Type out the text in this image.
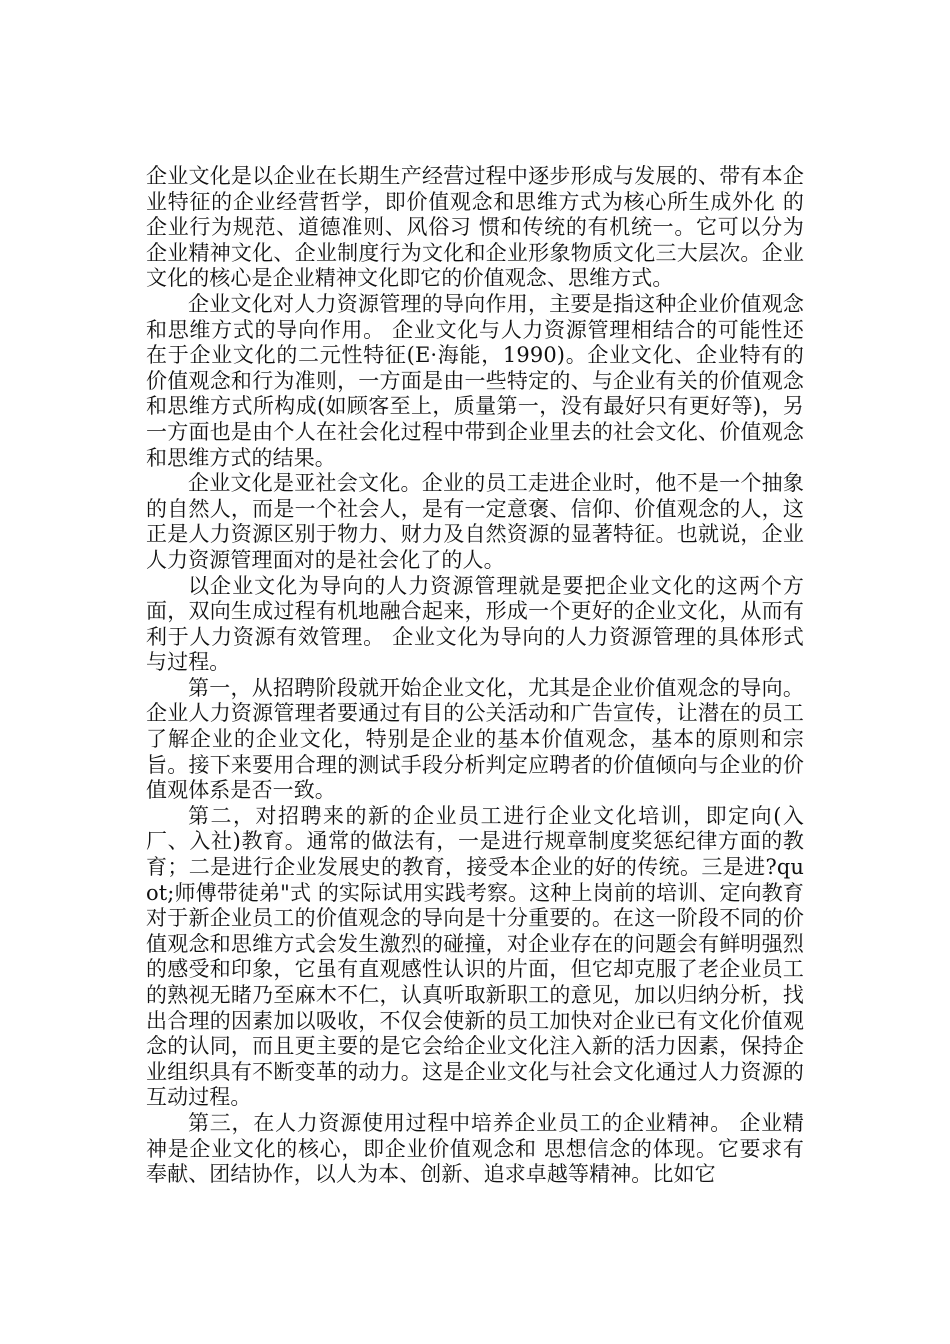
企业文化是以企业在长期生产经营过程中逐步形成与发展的、带有本企业特征的企业经营哲学，即价值观念和思维方式为核心所生成外化 的企业行为规范、道德准则、风俗习 惯和传统的有机统一。它可以分为企业精神文化、企业制度行为文化和企业形象物质文化三大层次。企业文化的核心是企业精神文化即它的价值观念、思维方式。

企业文化对人力资源管理的导向作用，主要是指这种企业价值观念和思维方式的导向作用。 企业文化与人力资源管理相结合的可能性还在于企业文化的二元性特征(E·海能，1990)。企业文化、企业特有的价值观念和行为准则，一方面是由一些特定的、与企业有关的价值观念和思维方式所构成(如顾客至上，质量第一，没有最好只有更好等)，另一方面也是由个人在社会化过程中带到企业里去的社会文化、价值观念和思维方式的结果。

企业文化是亚社会文化。企业的员工走进企业时，他不是一个抽象的自然人，而是一个社会人，是有一定意褒、信仰、价值观念的人，这正是人力资源区别于物力、财力及自然资源的显著特征。也就说，企业人力资源管理面对的是社会化了的人。

以企业文化为导向的人力资源管理就是要把企业文化的这两个方面，双向生成过程有机地融合起来，形成一个更好的企业文化，从而有利于人力资源有效管理。 企业文化为导向的人力资源管理的具体形式与过程。

第一，从招聘阶段就开始企业文化，尤其是企业价值观念的导向。企业人力资源管理者要通过有目的公关活动和广告宣传，让潜在的员工了解企业的企业文化，特别是企业的基本价值观念，基本的原则和宗旨。接下来要用合理的测试手段分析判定应聘者的价值倾向与企业的价值观体系是否一致。

第二，对招聘来的新的企业员工进行企业文化培训，即定向(入厂、入社)教育。通常的做法有，一是进行规章制度奖惩纪律方面的教育；二是进行企业发展史的教育，接受本企业的好的传统。三是进?quot;师傅带徒弟"式 的实际试用实践考察。这种上岗前的培训、定向教育对于新企业员工的价值观念的导向是十分重要的。在这一阶段不同的价值观念和思维方式会发生激烈的碰撞，对企业存在的问题会有鲜明强烈的感受和印象，它虽有直观感性认识的片面，但它却克服了老企业员工的熟视无睹乃至麻木不仁，认真听取新职工的意见，加以归纳分析，找出合理的因素加以吸收，不仅会使新的员工加快对企业已有文化价值观念的认同，而且更主要的是它会给企业文化注入新的活力因素，保持企业组织具有不断变革的动力。这是企业文化与社会文化通过人力资源的互动过程。

第三，在人力资源使用过程中培养企业员工的企业精神。 企业精神是企业文化的核心，即企业价值观念和 思想信念的体现。它要求有奉献、团结协作，以人为本、创新、追求卓越等精神。比如它
